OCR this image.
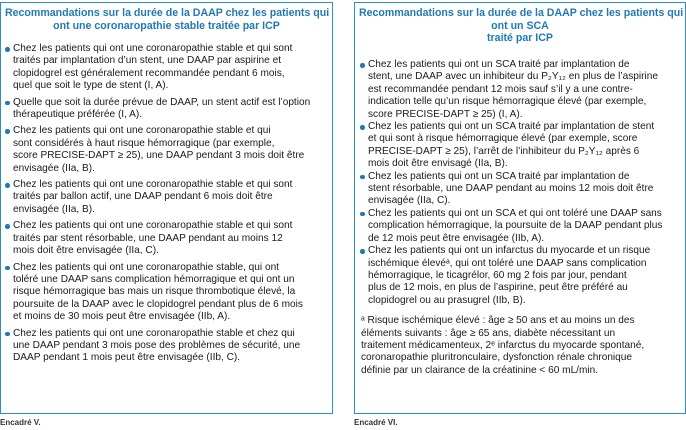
Recommandations sur la durée de la DAAP chez les patients qui
ont une coronaropathie stable traitée par ICP
Chez les patients qui ont une coronaropathie stable et qui sont
traités par implantation d’un stent, une DAAP par aspirine et
clopidogrel est généralement recommandée pendant 6 mois,
quel que soit le type de stent (I, A).
Quelle que soit la durée prévue de DAAP, un stent actif est l’option
thérapeutique préférée (I, A).
Chez les patients qui ont une coronaropathie stable et qui
sont considérés à haut risque hémorragique (par exemple,
score PRECISE-DAPT ≥ 25), une DAAP pendant 3 mois doit être
envisagée (IIa, B).
Chez les patients qui ont une coronaropathie stable et qui sont
traités par ballon actif, une DAAP pendant 6 mois doit être
envisagée (IIa, B).
Chez les patients qui ont une coronaropathie stable et qui sont
traités par stent résorbable, une DAAP pendant au moins 12
mois doit être envisagée (IIa, C).
Chez les patients qui ont une coronaropathie stable, qui ont
toléré une DAAP sans complication hémorragique et qui ont un
risque hémorragique bas mais un risque thrombotique élevé, la
poursuite de la DAAP avec le clopidogrel pendant plus de 6 mois
et moins de 30 mois peut être envisagée (IIb, A).
Chez les patients qui ont une coronaropathie stable et chez qui
une DAAP pendant 3 mois pose des problèmes de sécurité, une
DAAP pendant 1 mois peut être envisagée (IIb, C).
Recommandations sur la durée de la DAAP chez les patients qui
ont un SCA
traité par ICP
Chez les patients qui ont un SCA traité par implantation de
stent, une DAAP avec un inhibiteur du P₂Y₁₂ en plus de l’aspirine
est recommandée pendant 12 mois sauf s’il y a une contre-
indication telle qu’un risque hémorragique élevé (par exemple,
score PRECISE-DAPT ≥ 25) (I, A).
Chez les patients qui ont un SCA traité par implantation de stent
et qui sont à risque hémorragique élevé (par exemple, score
PRECISE-DAPT ≥ 25), l’arrêt de l’inhibiteur du P₂Y₁₂ après 6
mois doit être envisagé (IIa, B).
Chez les patients qui ont un SCA traité par implantation de
stent résorbable, une DAAP pendant au moins 12 mois doit être
envisagée (IIa, C).
Chez les patients qui ont un SCA et qui ont toléré une DAAP sans
complication hémorragique, la poursuite de la DAAP pendant plus
de 12 mois peut être envisagée (IIb, A).
Chez les patients qui ont un infarctus du myocarde et un risque
ischémique élevéᵃ, qui ont toléré une DAAP sans complication
hémorragique, le ticagrélor, 60 mg 2 fois par jour, pendant
plus de 12 mois, en plus de l’aspirine, peut être préféré au
clopidogrel ou au prasugrel (IIb, B).
ᵃ Risque ischémique élevé : âge ≥ 50 ans et au moins un des
éléments suivants : âge ≥ 65 ans, diabète nécessitant un
traitement médicamenteux, 2ᵉ infarctus du myocarde spontané,
coronaropathie pluritronculaire, dysfonction rénale chronique
définie par un clairance de la créatinine < 60 mL/min.
Encadré V.	Encadré VI.
